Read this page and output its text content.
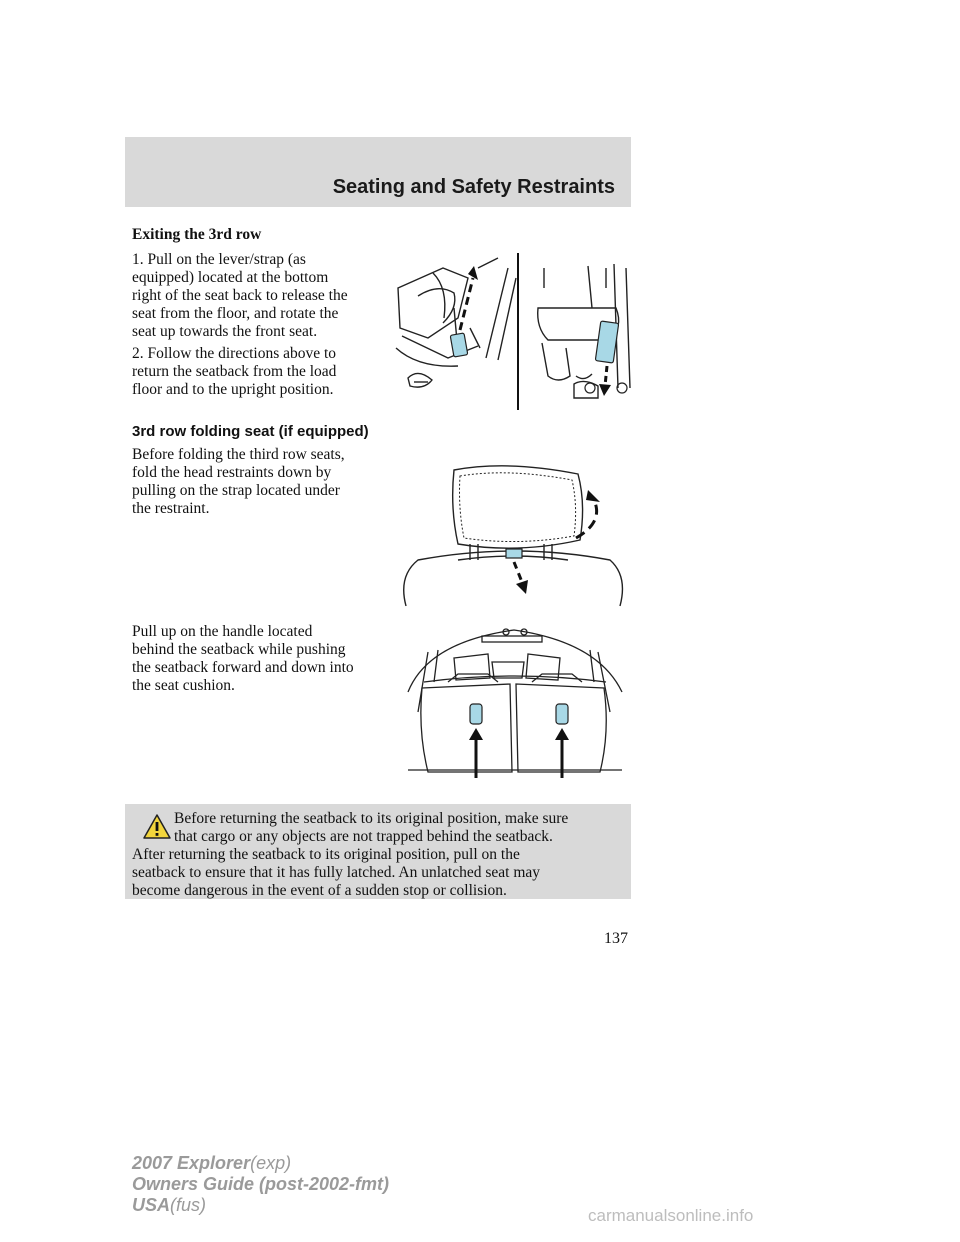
Seating and Safety Restraints

Exiting the 3rd row

1. Pull on the lever/strap (as
equipped) located at the bottom
right of the seat back to release the
seat from the floor, and rotate the
seat up towards the front seat.
2. Follow the directions above to
return the seatback from the load
floor and to the upright position.

3rd row folding seat (if equipped)

Before folding the third row seats,
fold the head restraints down by
pulling on the strap located under
the restraint.
Pull up on the handle located
behind the seatback while pushing
the seatback forward and down into
the seat cushion.
Before returning the seatback to its original position, make sure
that cargo or any objects are not trapped behind the seatback.
After returning the seatback to its original position, pull on the
seatback to ensure that it has fully latched. An unlatched seat may
become dangerous in the event of a sudden stop or collision.
137
2007 Explorer(exp)
Owners Guide (post-2002-fmt)
USA(fus)
carmanualsonline.info
